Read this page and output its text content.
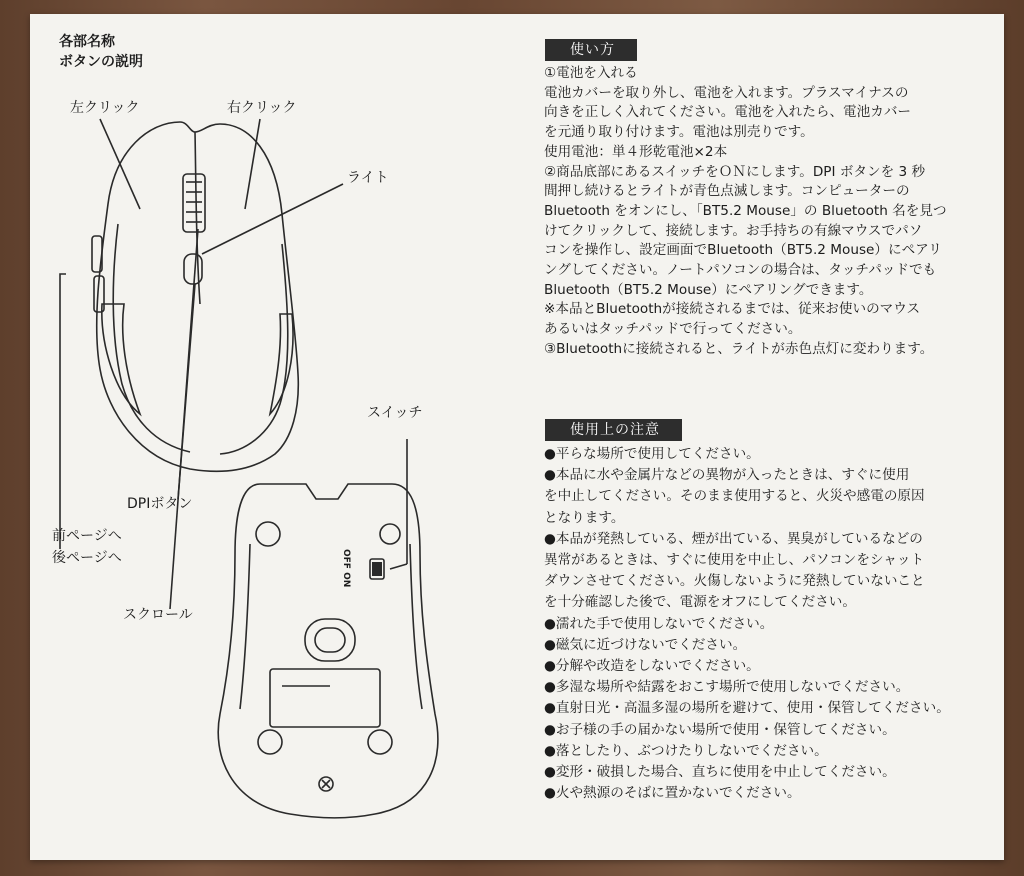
各部名称
ボタンの説明
左クリック	右クリック
ライト
スイッチ
DPIボタン
前ページへ
後ページへ
スクロール
OFF ON
使い方
①電池を入れる
電池カバーを取り外し、電池を入れます。プラスマイナスの
向きを正しく入れてください。電池を入れたら、電池カバー
を元通り取り付けます。電池は別売りです。
使用電池：単４形乾電池×2本
②商品底部にあるスイッチをＯＮにします。DPI ボタンを 3 秒
間押し続けるとライトが青色点滅します。コンピューターの
Bluetooth をオンにし、「BT5.2 Mouse」の Bluetooth 名を見つ
けてクリックして、接続します。お手持ちの有線マウスでパソ
コンを操作し、設定画面でBluetooth（BT5.2 Mouse）にペアリ
ングしてください。ノートパソコンの場合は、タッチパッドでも
Bluetooth（BT5.2 Mouse）にペアリングできます。
※本品とBluetoothが接続されるまでは、従来お使いのマウス
あるいはタッチパッドで行ってください。
③Bluetoothに接続されると、ライトが赤色点灯に変わります。
使用上の注意
●平らな場所で使用してください。
●本品に水や金属片などの異物が入ったときは、すぐに使用
を中止してください。そのまま使用すると、火災や感電の原因
となります。
●本品が発熱している、煙が出ている、異臭がしているなどの
異常があるときは、すぐに使用を中止し、パソコンをシャット
ダウンさせてください。火傷しないように発熱していないこと
を十分確認した後で、電源をオフにしてください。
●濡れた手で使用しないでください。
●磁気に近づけないでください。
●分解や改造をしないでください。
●多湿な場所や結露をおこす場所で使用しないでください。
●直射日光・高温多湿の場所を避けて、使用・保管してください。
●お子様の手の届かない場所で使用・保管してください。
●落としたり、ぶつけたりしないでください。
●変形・破損した場合、直ちに使用を中止してください。
●火や熱源のそばに置かないでください。
